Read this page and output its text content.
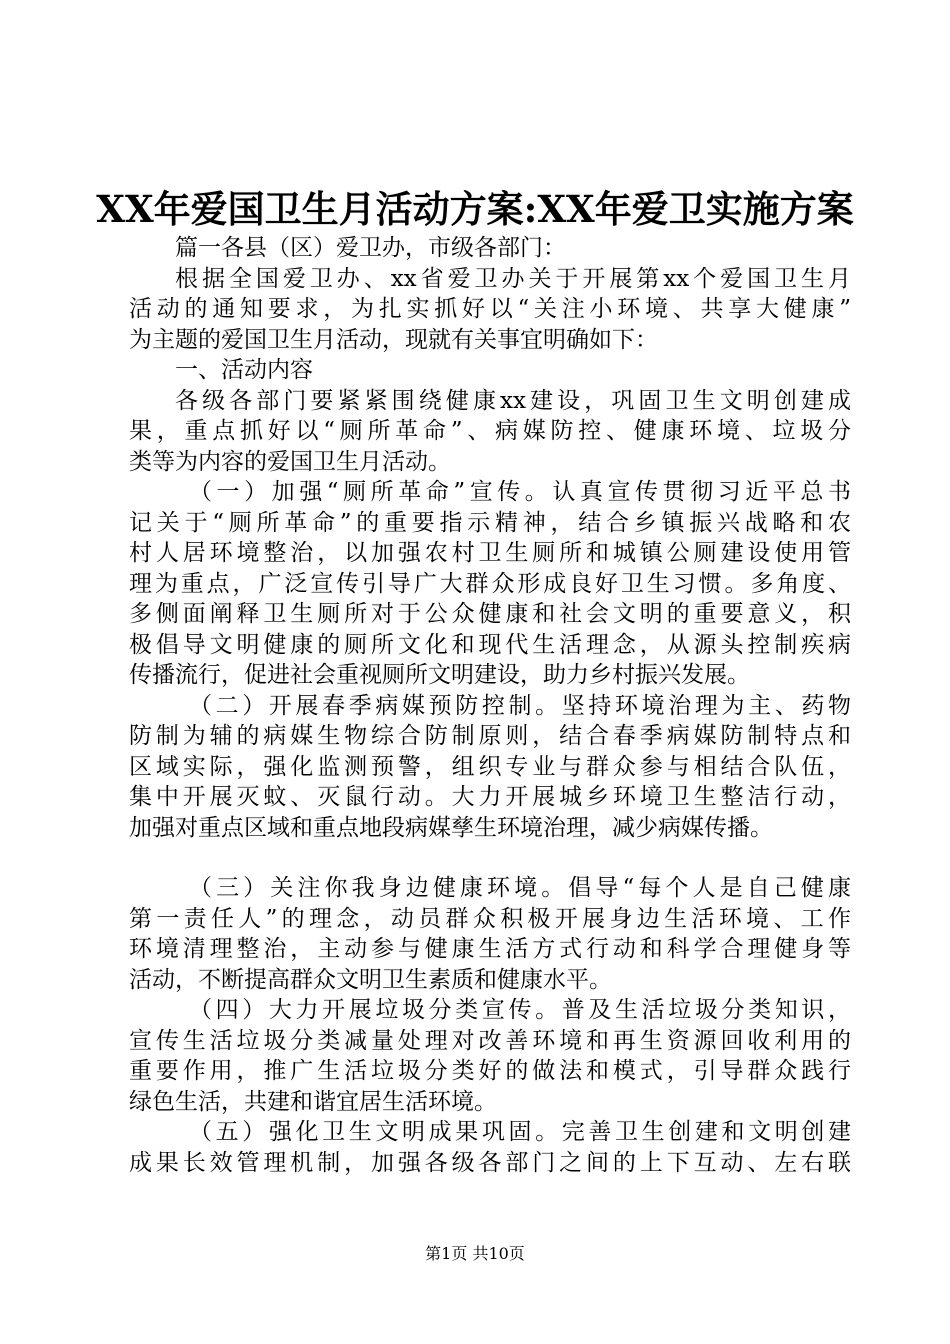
XX年爱国卫生月活动方案:XX年爱卫实施方案
篇一各县（区）爱卫办，市级各部门：
根据全国爱卫办、xx省爱卫办关于开展第xx个爱国卫生月
活动的通知要求，为扎实抓好以“关注小环境、共享大健康”
为主题的爱国卫生月活动，现就有关事宜明确如下：
一、活动内容
各级各部门要紧紧围绕健康xx建设，巩固卫生文明创建成
果，重点抓好以“厕所革命”、病媒防控、健康环境、垃圾分
类等为内容的爱国卫生月活动。
（一）加强“厕所革命”宣传。认真宣传贯彻习近平总书
记关于“厕所革命”的重要指示精神，结合乡镇振兴战略和农
村人居环境整治，以加强农村卫生厕所和城镇公厕建设使用管
理为重点，广泛宣传引导广大群众形成良好卫生习惯。多角度、
多侧面阐释卫生厕所对于公众健康和社会文明的重要意义，积
极倡导文明健康的厕所文化和现代生活理念，从源头控制疾病
传播流行，促进社会重视厕所文明建设，助力乡村振兴发展。
（二）开展春季病媒预防控制。坚持环境治理为主、药物
防制为辅的病媒生物综合防制原则，结合春季病媒防制特点和
区域实际，强化监测预警，组织专业与群众参与相结合队伍，
集中开展灭蚊、灭鼠行动。大力开展城乡环境卫生整洁行动，
加强对重点区域和重点地段病媒孳生环境治理，减少病媒传播。
（三）关注你我身边健康环境。倡导“每个人是自己健康
第一责任人”的理念，动员群众积极开展身边生活环境、工作
环境清理整治，主动参与健康生活方式行动和科学合理健身等
活动，不断提高群众文明卫生素质和健康水平。
（四）大力开展垃圾分类宣传。普及生活垃圾分类知识，
宣传生活垃圾分类减量处理对改善环境和再生资源回收利用的
重要作用，推广生活垃圾分类好的做法和模式，引导群众践行
绿色生活，共建和谐宜居生活环境。
（五）强化卫生文明成果巩固。完善卫生创建和文明创建
成果长效管理机制，加强各级各部门之间的上下互动、左右联
第1页 共10页
